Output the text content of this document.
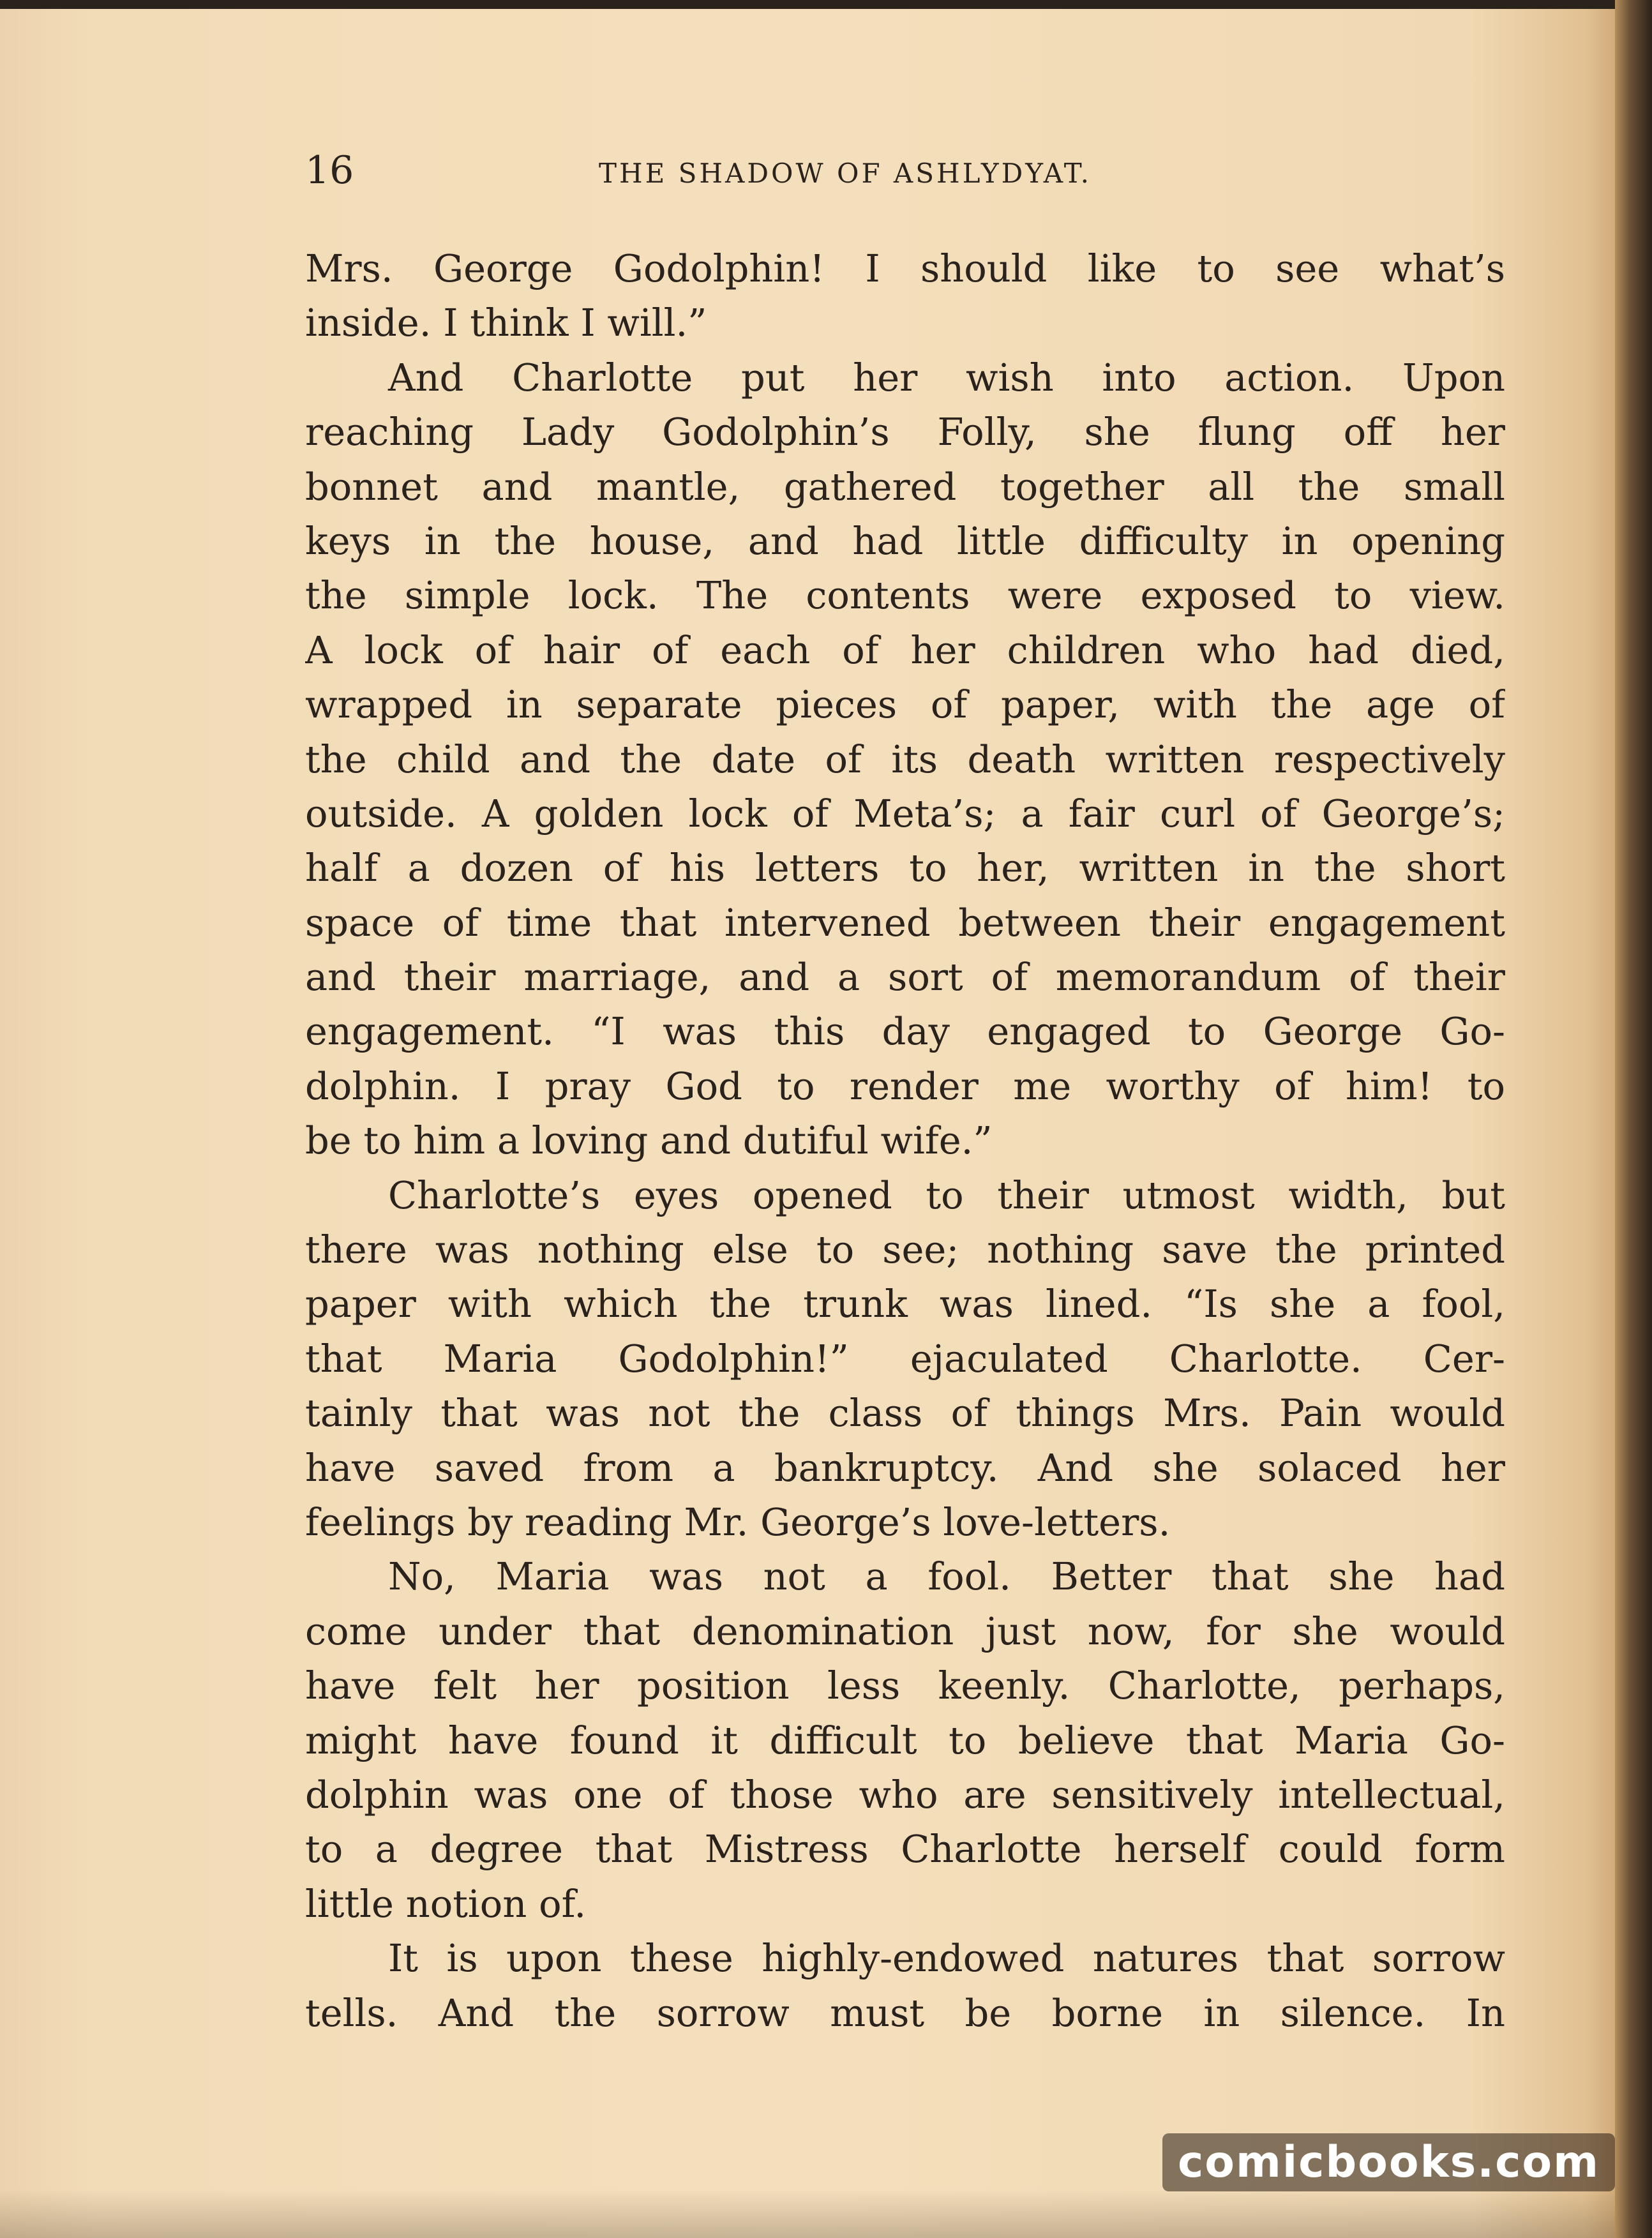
16	THE SHADOW OF ASHLYDYAT.
Mrs. George Godolphin! I should like to see what’s
inside. I think I will.”
And Charlotte put her wish into action. Upon
reaching Lady Godolphin’s Folly, she flung off her
bonnet and mantle, gathered together all the small
keys in the house, and had little difficulty in opening
the simple lock. The contents were exposed to view.
A lock of hair of each of her children who had died,
wrapped in separate pieces of paper, with the age of
the child and the date of its death written respectively
outside. A golden lock of Meta’s; a fair curl of George’s;
half a dozen of his letters to her, written in the short
space of time that intervened between their engagement
and their marriage, and a sort of memorandum of their
engagement. “I was this day engaged to George Go-
dolphin. I pray God to render me worthy of him! to
be to him a loving and dutiful wife.”
Charlotte’s eyes opened to their utmost width, but
there was nothing else to see; nothing save the printed
paper with which the trunk was lined. “Is she a fool,
that Maria Godolphin!” ejaculated Charlotte. Cer-
tainly that was not the class of things Mrs. Pain would
have saved from a bankruptcy. And she solaced her
feelings by reading Mr. George’s love-letters.
No, Maria was not a fool. Better that she had
come under that denomination just now, for she would
have felt her position less keenly. Charlotte, perhaps,
might have found it difficult to believe that Maria Go-
dolphin was one of those who are sensitively intellectual,
to a degree that Mistress Charlotte herself could form
little notion of.
It is upon these highly-endowed natures that sorrow
tells. And the sorrow must be borne in silence. In
comicbooks.com
